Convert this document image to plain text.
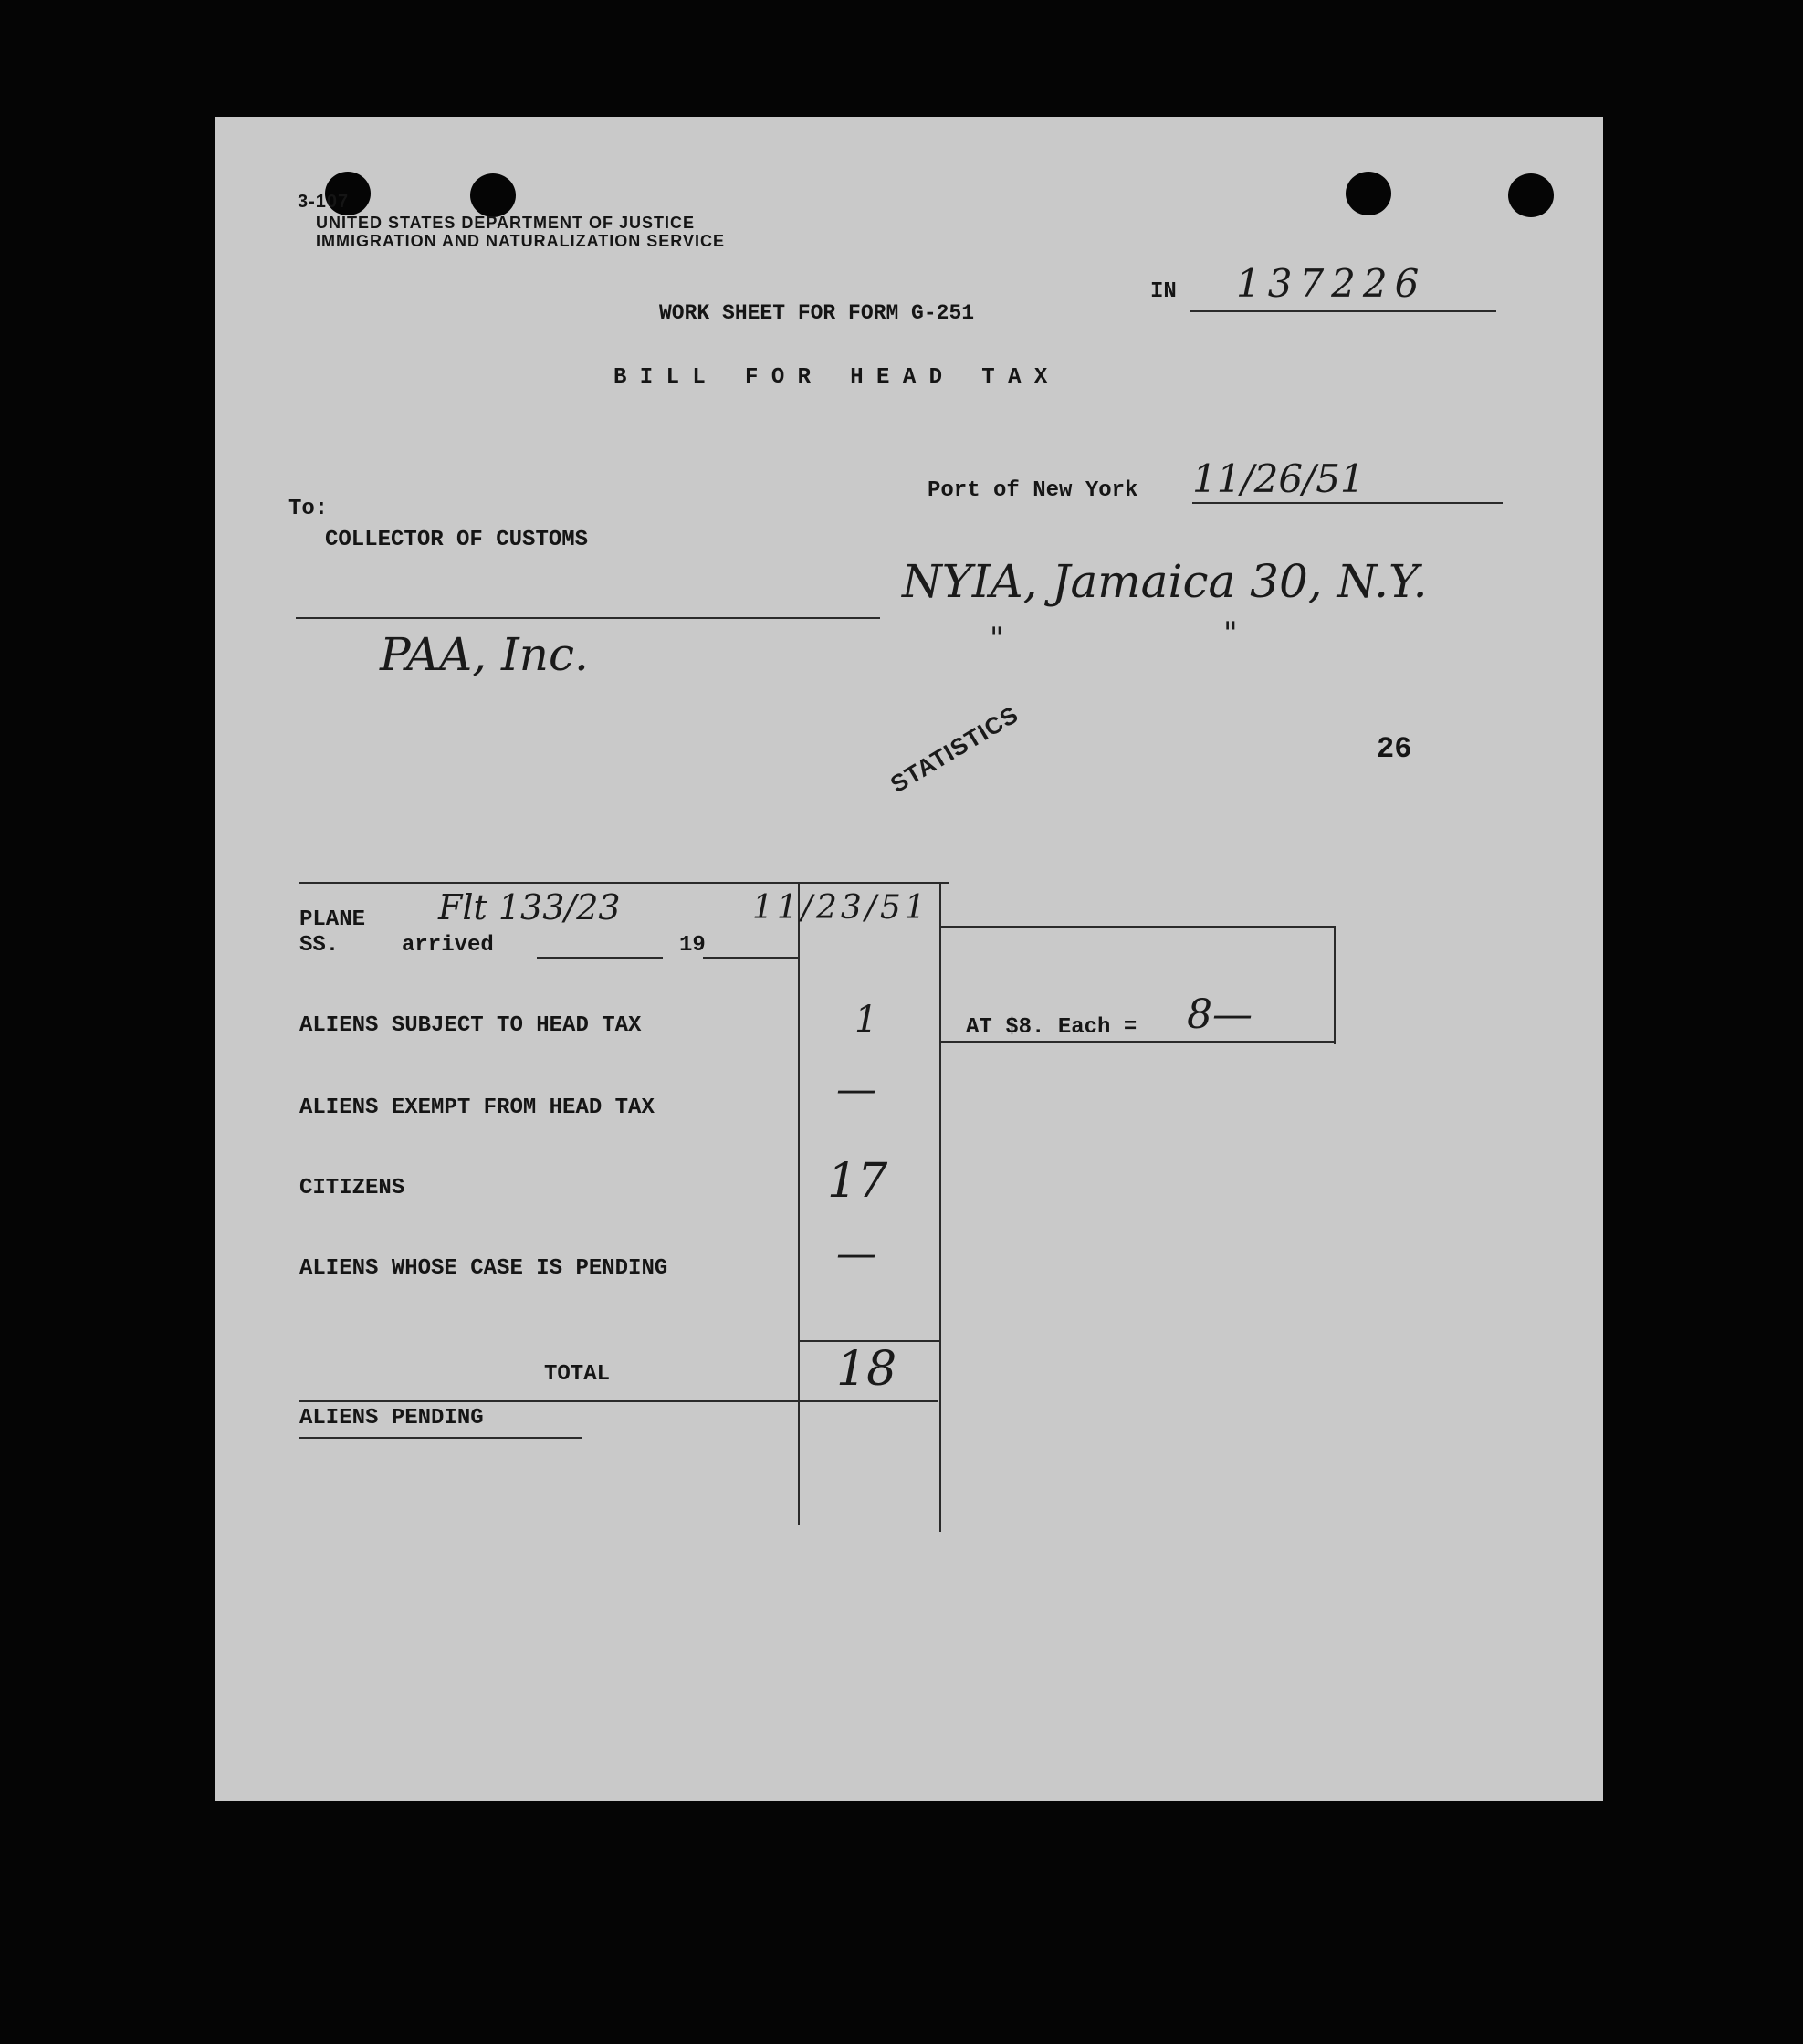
3-107
UNITED STATES DEPARTMENT OF JUSTICE
IMMIGRATION AND NATURALIZATION SERVICE
WORK SHEET FOR FORM G-251
B I L L   F O R   H E A D   T A X
IN 137226
Port of New York 11/26/51
NYIA, Jamaica 30, N.Y.
"	"
To:
COLLECTOR OF CUSTOMS
PAA, Inc.
STATISTICS	26
PLANE Flt 133/23	11/23/51
SS.	arrived	19
ALIENS SUBJECT TO HEAD TAX	1	AT $8. Each = 8—
ALIENS EXEMPT FROM HEAD TAX	—
CITIZENS	17
ALIENS WHOSE CASE IS PENDING	—
TOTAL	18
ALIENS PENDING
